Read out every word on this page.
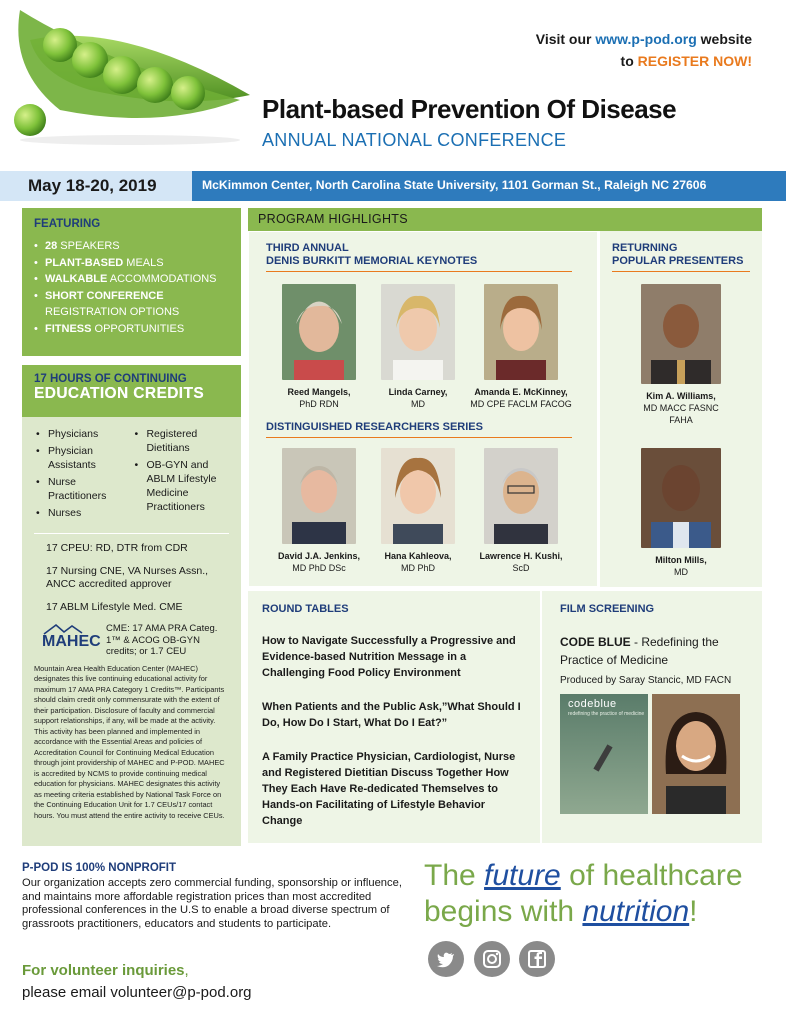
Visit our www.p-pod.org website
to REGISTER NOW!
Plant-based Prevention Of Disease
ANNUAL NATIONAL CONFERENCE
May 18-20, 2019	McKimmon Center, North Carolina State University, 1101 Gorman St., Raleigh NC 27606
FEATURING
• 28 SPEAKERS
• PLANT-BASED MEALS
• WALKABLE ACCOMMODATIONS
• SHORT CONFERENCE
REGISTRATION OPTIONS
• FITNESS OPPORTUNITIES
17 HOURS OF CONTINUING
EDUCATION CREDITS
• Physicians
• Physician Assistants
• Nurse Practitioners
• Nurses
• Registered Dietitians
• OB-GYN and ABLM Lifestyle Medicine Practitioners
17 CPEU: RD, DTR from CDR
17 Nursing CNE, VA Nurses Assn., ANCC accredited approver
17 ABLM Lifestyle Med. CME
MAHEC
CME: 17 AMA PRA Categ. 1™ & ACOG OB-GYN credits; or 1.7 CEU
Mountain Area Health Education Center (MAHEC) designates this live continuing educational activity for maximum 17 AMA PRA Category 1 Credits™. Participants should claim credit only commensurate with the extent of their participation. Disclosure of faculty and commercial support relationships, if any, will be made at the activity. This activity has been planned and implemented in accordance with the Essential Areas and policies of Accreditation Council for Continuing Medical Education through joint providership of MAHEC and P-POD. MAHEC is accredited by NCMS to provide continuing medical education for physicians. MAHEC designates this activity as meeting criteria established by National Task Force on the Continuing Education Unit for 1.7 CEUs/17 contact hours. You must attend the entire activity to receive CEUs.
PROGRAM HIGHLIGHTS
THIRD ANNUAL
DENIS BURKITT MEMORIAL KEYNOTES
RETURNING
POPULAR PRESENTERS
Reed Mangels,
PhD RDN
Linda Carney,
MD
Amanda E. McKinney,
MD CPE FACLM FACOG
DISTINGUISHED RESEARCHERS SERIES
David J.A. Jenkins,
MD PhD DSc
Hana Kahleova,
MD PhD
Lawrence H. Kushi,
ScD
Kim A. Williams,
MD MACC FASNC
FAHA
Milton Mills,
MD
ROUND TABLES
How to Navigate Successfully a Progressive and Evidence-based Nutrition Message in a Challenging Food Policy Environment
When Patients and the Public Ask,”What Should I Do, How Do I Start, What Do I Eat?”
A Family Practice Physician, Cardiologist, Nurse and Registered Dietitian Discuss Together How They Each Have Re-dedicated Themselves to Hands-on Facilitating of Lifestyle Behavior Change
FILM SCREENING
CODE BLUE - Redefining the Practice of Medicine
Produced by Saray Stancic, MD FACN
codeblue
redefining the practice of medicine
P-POD IS 100% NONPROFIT

Our organization accepts zero commercial funding, sponsorship or influence, and maintains more affordable registration prices than most accredited professional conferences in the U.S to enable a broad diverse spectrum of grassroots practitioners, educators and students to participate.

For volunteer inquiries,
please email volunteer@p-pod.org
The future of healthcare
begins with nutrition!
